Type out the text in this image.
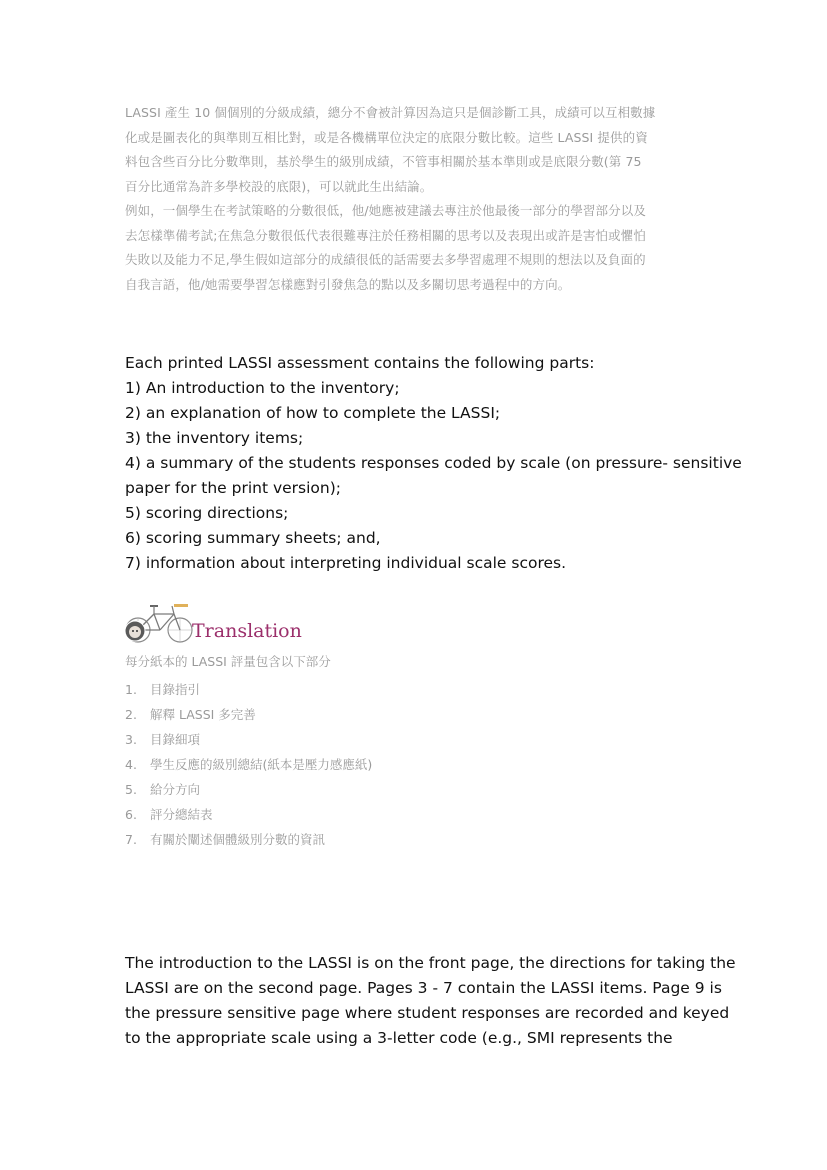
LASSI 產生 10 個個別的分級成績，總分不會被計算因為這只是個診斷工具，成績可以互相數據
化或是圖表化的與準則互相比對，或是各機構單位決定的底限分數比較。這些 LASSI 提供的資
料包含些百分比分數準則，基於學生的級別成績，不管事相關於基本準則或是底限分數(第 75
百分比通常為許多學校設的底限)，可以就此生出結論。
例如，一個學生在考試策略的分數很低，他/她應被建議去專注於他最後一部分的學習部分以及
去怎樣準備考試;在焦急分數很低代表很難專注於任務相關的思考以及表現出或許是害怕或懼怕
失敗以及能力不足,學生假如這部分的成績很低的話需要去多學習處理不規則的想法以及負面的
自我言語，他/她需要學習怎樣應對引發焦急的點以及多關切思考過程中的方向。
Each printed LASSI assessment contains the following parts:
1) An introduction to the inventory;
2) an explanation of how to complete the LASSI;
3) the inventory items;
4) a summary of the students responses coded by scale (on pressure- sensitive
paper for the print version);
5) scoring directions;
6) scoring summary sheets; and,
7) information about interpreting individual scale scores.
Translation
每分紙本的 LASSI 評量包含以下部分
1.	目錄指引
2.	解釋 LASSI 多完善
3.	目錄細項
4.	學生反應的級別總結(紙本是壓力感應紙)
5.	給分方向
6.	評分總結表
7.	有關於闡述個體級別分數的資訊
The introduction to the LASSI is on the front page, the directions for taking the
LASSI are on the second page. Pages 3 - 7 contain the LASSI items. Page 9 is
the pressure sensitive page where student responses are recorded and keyed
to the appropriate scale using a 3-letter code (e.g., SMI represents the
